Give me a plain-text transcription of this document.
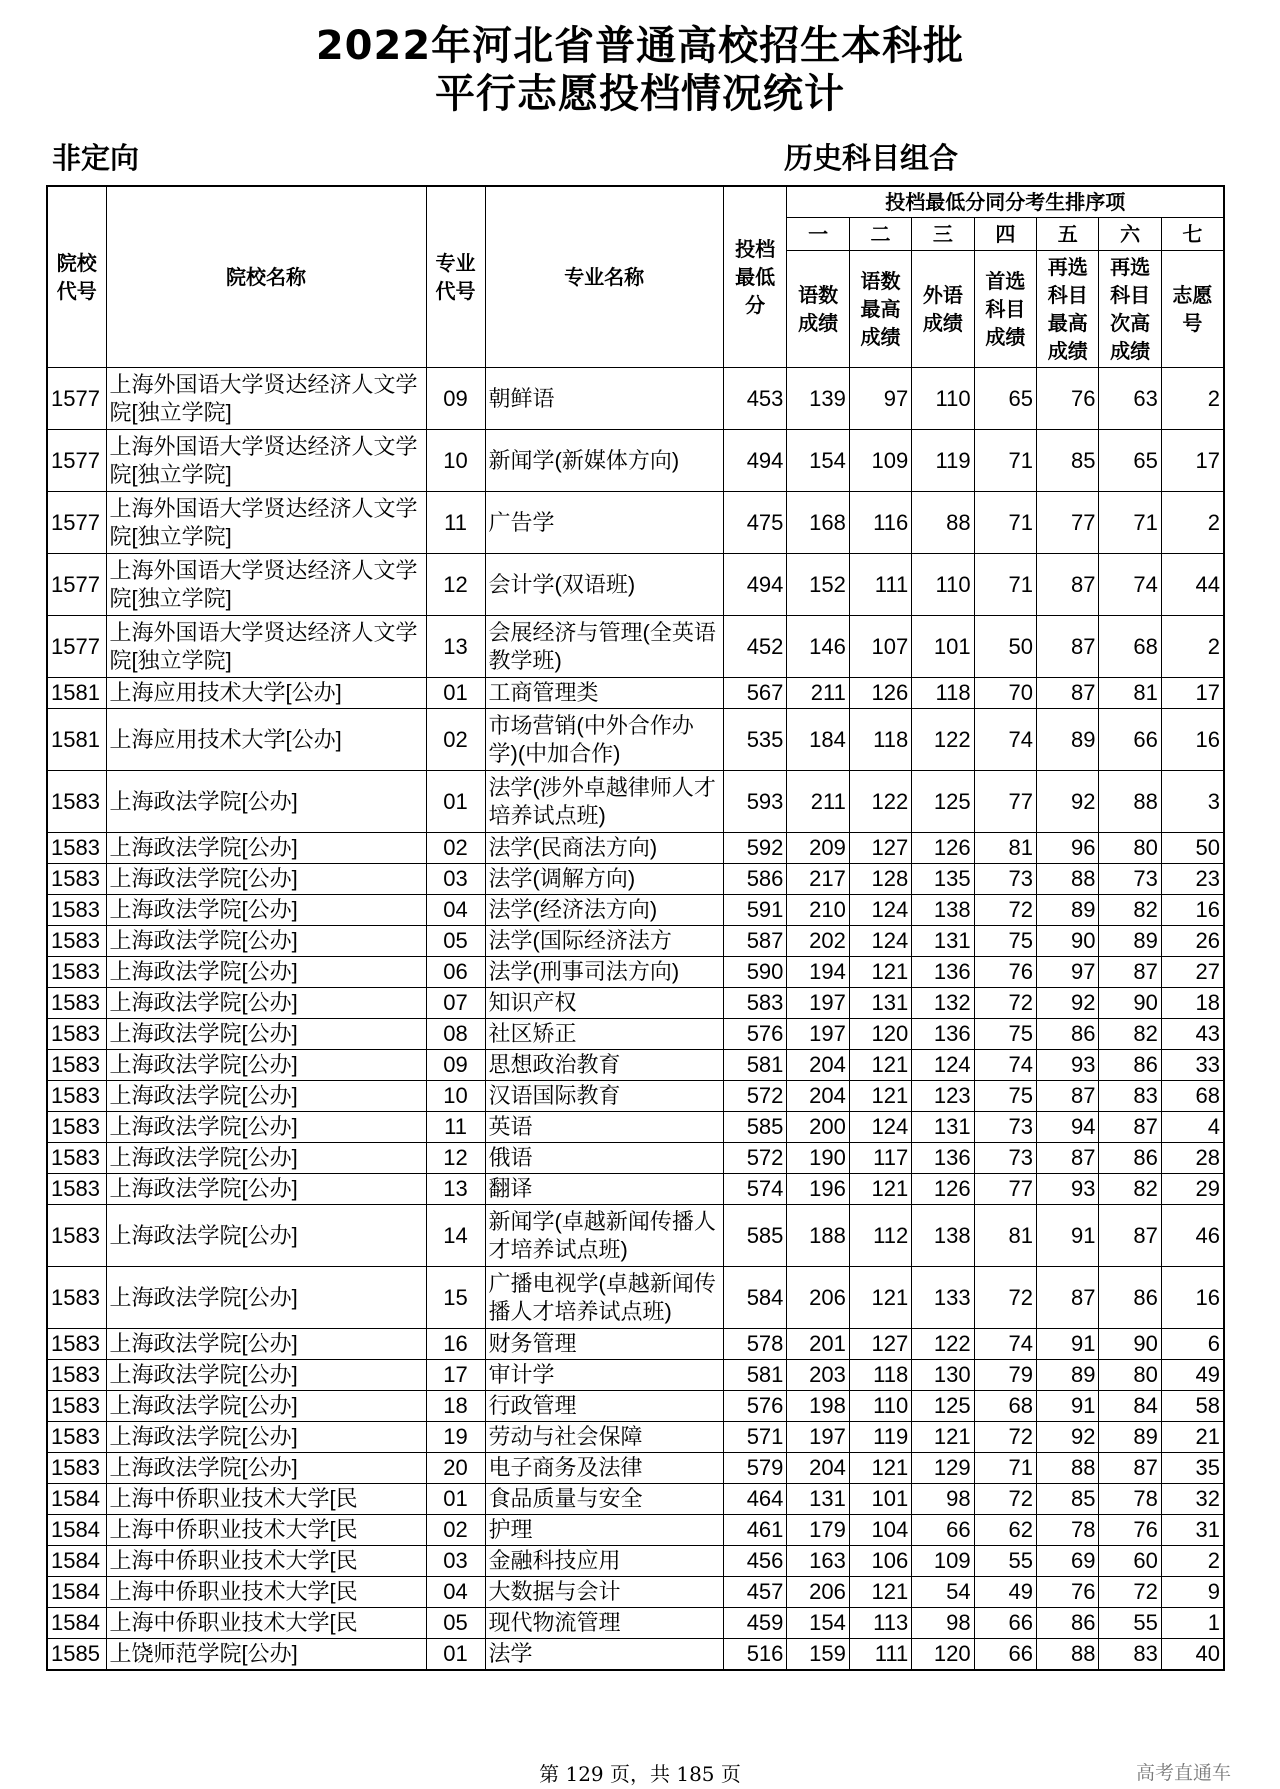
2022年河北省普通高校招生本科批
平行志愿投档情况统计
非定向	历史科目组合
院校代号	院校名称	专业代号	专业名称	投档最低分	投档最低分同分考生排序项						
					一	二	三	四	五	六	七
					语数成绩	语数最高成绩	外语成绩	首选科目成绩	再选科目最高成绩	再选科目次高成绩	志愿号
1577	上海外国语大学贤达经济人文学院[独立学院]	09	朝鲜语	453	139	97	110	65	76	63	2
1577	上海外国语大学贤达经济人文学院[独立学院]	10	新闻学(新媒体方向)	494	154	109	119	71	85	65	17
1577	上海外国语大学贤达经济人文学院[独立学院]	11	广告学	475	168	116	88	71	77	71	2
1577	上海外国语大学贤达经济人文学院[独立学院]	12	会计学(双语班)	494	152	111	110	71	87	74	44
1577	上海外国语大学贤达经济人文学院[独立学院]	13	会展经济与管理(全英语教学班)	452	146	107	101	50	87	68	2
1581	上海应用技术大学[公办]	01	工商管理类	567	211	126	118	70	87	81	17
1581	上海应用技术大学[公办]	02	市场营销(中外合作办学)(中加合作)	535	184	118	122	74	89	66	16
1583	上海政法学院[公办]	01	法学(涉外卓越律师人才培养试点班)	593	211	122	125	77	92	88	3
1583	上海政法学院[公办]	02	法学(民商法方向)	592	209	127	126	81	96	80	50
1583	上海政法学院[公办]	03	法学(调解方向)	586	217	128	135	73	88	73	23
1583	上海政法学院[公办]	04	法学(经济法方向)	591	210	124	138	72	89	82	16
1583	上海政法学院[公办]	05	法学(国际经济法方	587	202	124	131	75	90	89	26
1583	上海政法学院[公办]	06	法学(刑事司法方向)	590	194	121	136	76	97	87	27
1583	上海政法学院[公办]	07	知识产权	583	197	131	132	72	92	90	18
1583	上海政法学院[公办]	08	社区矫正	576	197	120	136	75	86	82	43
1583	上海政法学院[公办]	09	思想政治教育	581	204	121	124	74	93	86	33
1583	上海政法学院[公办]	10	汉语国际教育	572	204	121	123	75	87	83	68
1583	上海政法学院[公办]	11	英语	585	200	124	131	73	94	87	4
1583	上海政法学院[公办]	12	俄语	572	190	117	136	73	87	86	28
1583	上海政法学院[公办]	13	翻译	574	196	121	126	77	93	82	29
1583	上海政法学院[公办]	14	新闻学(卓越新闻传播人才培养试点班)	585	188	112	138	81	91	87	46
1583	上海政法学院[公办]	15	广播电视学(卓越新闻传播人才培养试点班)	584	206	121	133	72	87	86	16
1583	上海政法学院[公办]	16	财务管理	578	201	127	122	74	91	90	6
1583	上海政法学院[公办]	17	审计学	581	203	118	130	79	89	80	49
1583	上海政法学院[公办]	18	行政管理	576	198	110	125	68	91	84	58
1583	上海政法学院[公办]	19	劳动与社会保障	571	197	119	121	72	92	89	21
1583	上海政法学院[公办]	20	电子商务及法律	579	204	121	129	71	88	87	35
1584	上海中侨职业技术大学[民	01	食品质量与安全	464	131	101	98	72	85	78	32
1584	上海中侨职业技术大学[民	02	护理	461	179	104	66	62	78	76	31
1584	上海中侨职业技术大学[民	03	金融科技应用	456	163	106	109	55	69	60	2
1584	上海中侨职业技术大学[民	04	大数据与会计	457	206	121	54	49	76	72	9
1584	上海中侨职业技术大学[民	05	现代物流管理	459	154	113	98	66	86	55	1
1585	上饶师范学院[公办]	01	法学	516	159	111	120	66	88	83	40
第 129 页，共 185 页	高考直通车
